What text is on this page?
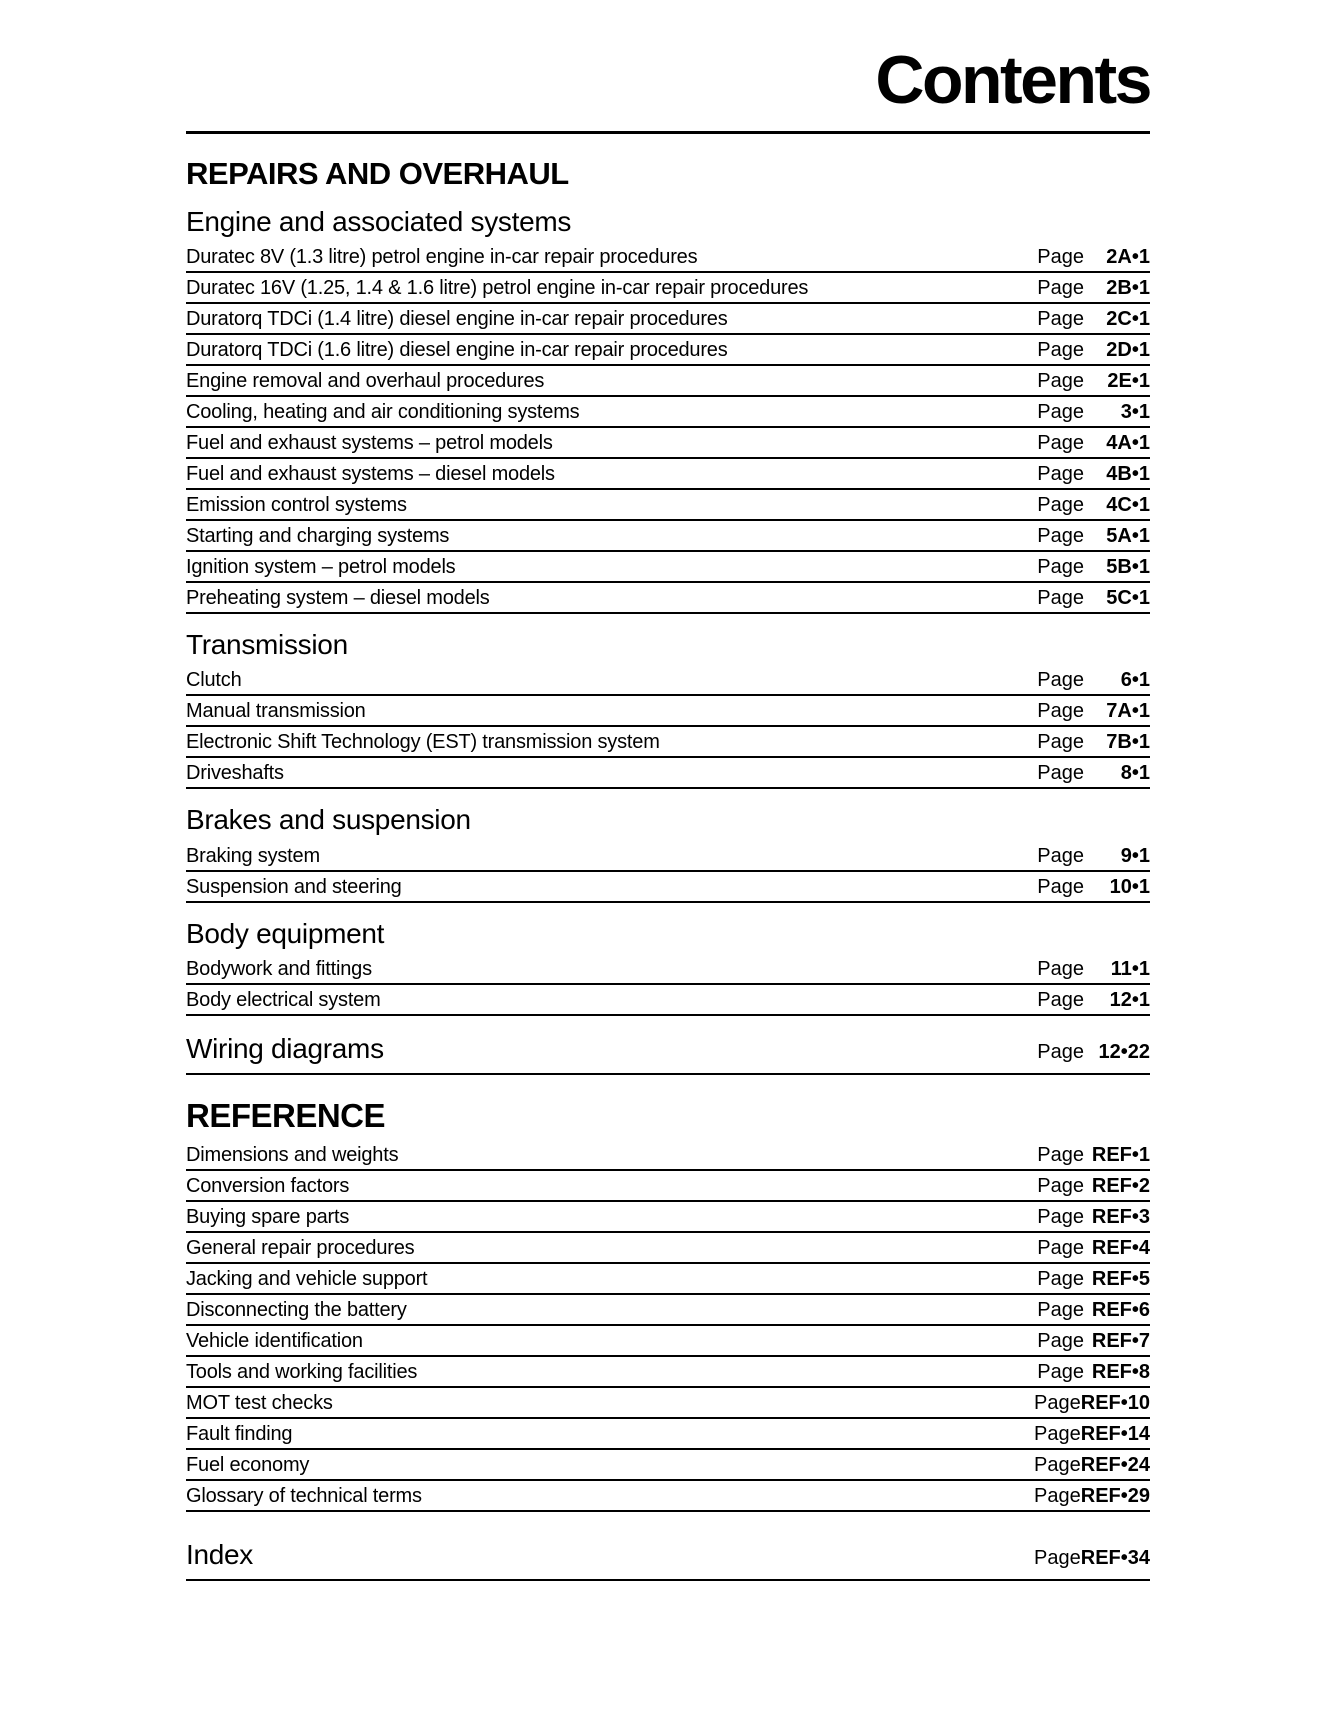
Contents
REPAIRS AND OVERHAUL
Engine and associated systems
Duratec 8V (1.3 litre) petrol engine in-car repair procedures	Page	2A•1
Duratec 16V (1.25, 1.4 & 1.6 litre) petrol engine in-car repair procedures	Page	2B•1
Duratorq TDCi (1.4 litre) diesel engine in-car repair procedures	Page	2C•1
Duratorq TDCi (1.6 litre) diesel engine in-car repair procedures	Page	2D•1
Engine removal and overhaul procedures	Page	2E•1
Cooling, heating and air conditioning systems	Page	3•1
Fuel and exhaust systems – petrol models	Page	4A•1
Fuel and exhaust systems – diesel models	Page	4B•1
Emission control systems	Page	4C•1
Starting and charging systems	Page	5A•1
Ignition system – petrol models	Page	5B•1
Preheating system – diesel models	Page	5C•1
Transmission
Clutch	Page	6•1
Manual transmission	Page	7A•1
Electronic Shift Technology (EST) transmission system	Page	7B•1
Driveshafts	Page	8•1
Brakes and suspension
Braking system	Page	9•1
Suspension and steering	Page	10•1
Body equipment
Bodywork and fittings	Page	11•1
Body electrical system	Page	12•1
Wiring diagrams	Page 12•22
REFERENCE
Dimensions and weights	Page REF•1
Conversion factors	Page REF•2
Buying spare parts	Page REF•3
General repair procedures	Page REF•4
Jacking and vehicle support	Page REF•5
Disconnecting the battery	Page REF•6
Vehicle identification	Page REF•7
Tools and working facilities	Page REF•8
MOT test checks	Page REF•10
Fault finding	Page REF•14
Fuel economy	Page REF•24
Glossary of technical terms	Page REF•29
Index	Page REF•34
